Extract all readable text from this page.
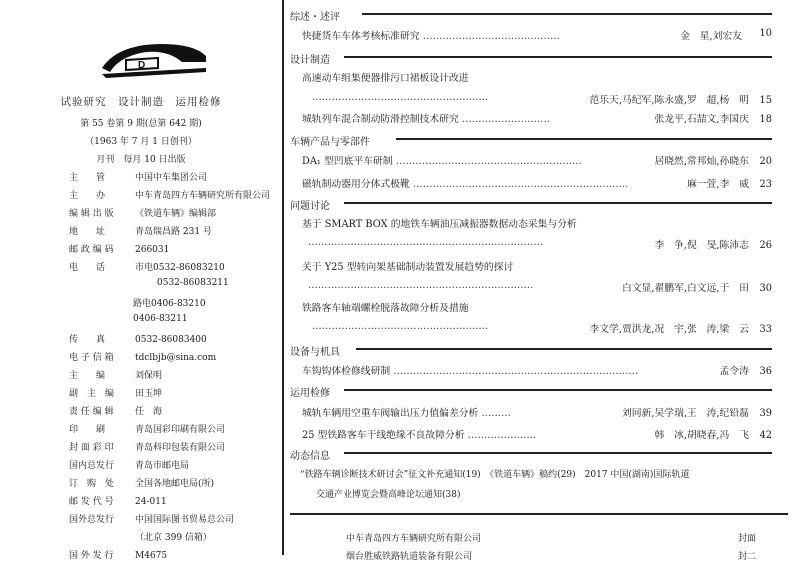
D
试验研究　设计制造　运用检修
第 55 卷第 9 期(总第 642 期)
（1963 年 7 月 1 日创刊）
月刊　每月 10 日出版
主　　管	中国中车集团公司
主　　办	中车青岛四方车辆研究所有限公司
编 辑 出 版 《铁道车辆》编辑部
地　　址	青岛瑞昌路 231 号
邮 政 编 码 266031
电　　话	市电0532-86083210
0532-86083211
路电0406-83210
0406-83211
传　　真	0532-86083400
电 子 信 箱 tdclbjb@sina.com
主　　编	刘保明
副　主　编 田玉坤
责 任 编 辑 任　海
印　　刷	青岛国彩印刷有限公司
封 面 彩 印 青岛科印包装有限公司
国内总发行 青岛市邮电局
订　购　处 全国各地邮电局(所)
邮 发 代 号 24-011
国外总发行 中国国际图书贸易总公司
（北京 399 信箱）
国 外 发 行 M4675
综述・述评
设计制造
车辆产品与零部件
问题讨论
设备与机具
运用检修
动态信息
快捷货车车体考核标准研究 ……………………………………	金　星,刘宏友 10
高速动车组集便器排污口裙板设计改进
………………………………………………	范乐天,马纪军,陈永盛,罗　超,杨　明 15
城轨列车混合制动防滑控制技术研究 ………………………	张龙平,石喆文,李国庆 18
DA₁ 型凹底平车研制 …………………………………………………	居晓然,常邦灿,孙晓东 20
磁轨制动器用分体式极靴 …………………………………………………………	麻一萱,李　威 23
基于 SMART BOX 的地铁车辆油压减振器数据动态采集与分析
………………………………………………………………	李　争,倪　旻,陈沛志 26
关于 Y25 型转向架基础制动装置发展趋势的探讨
……………………………………………………………	白文显,翟鹏军,白文远,于　田 30
铁路客车轴端螺栓脱落故障分析及措施
………………………………………………	李文学,贾洪龙,况　宇,张　涛,梁　云 33
车钩钩体检修线研制 …………………………………………………………………	孟令涛 36
城轨车辆用空重车阀输出压力值偏差分析 ………	刘同新,吴学瑞,王　涛,纪铅磊 39
25 型铁路客车干线绝缘不良故障分析 …………………	韩　冰,胡晓春,冯　飞 42
“铁路车辆诊断技术研讨会”征文补充通知(19)　《铁道车辆》稿约(29)　2017 中国(湖南)国际轨道
交通产业博览会暨高峰论坛通知(38)
中车青岛四方车辆研究所有限公司	封面
烟台胜威铁路轨道装备有限公司	封二
